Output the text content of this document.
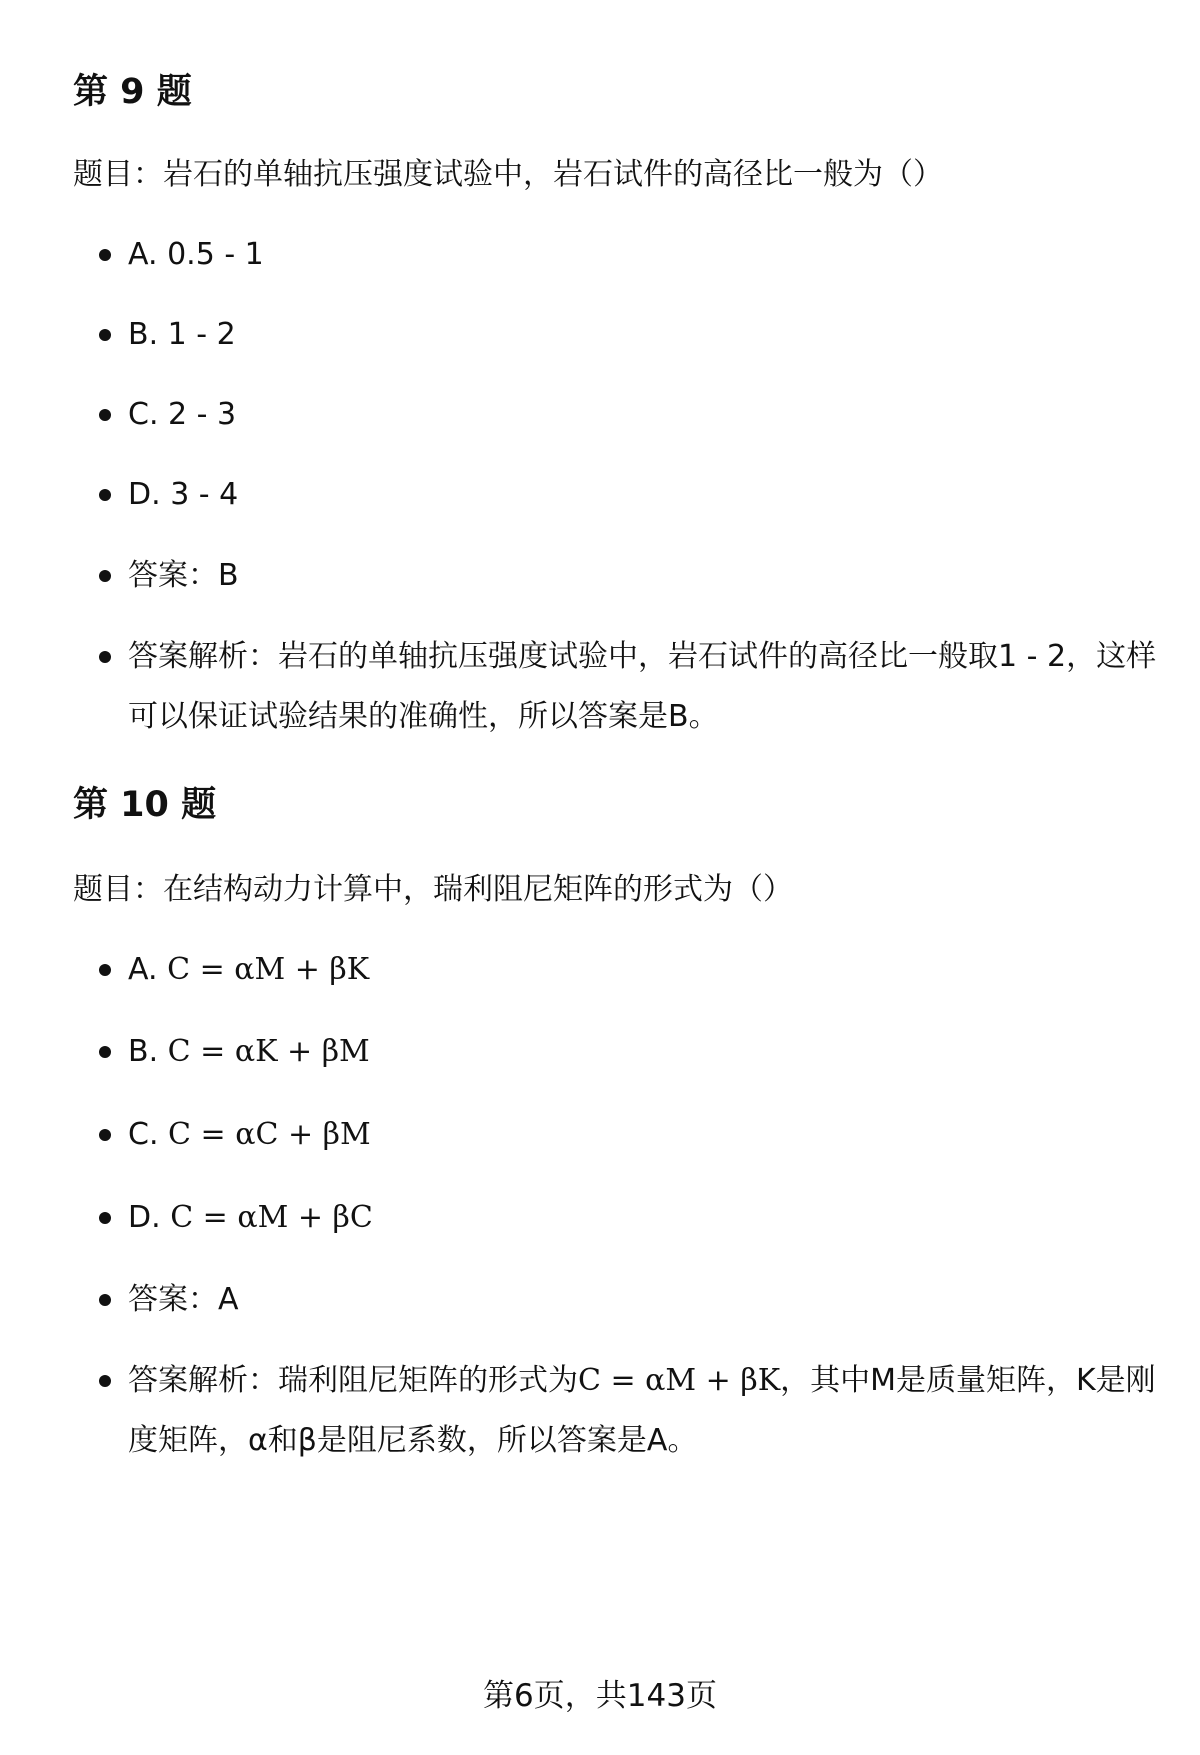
第 9 题

题目：岩石的单轴抗压强度试验中，岩石试件的高径比一般为（）

A. 0.5 - 1
B. 1 - 2
C. 2 - 3
D. 3 - 4
答案：B
答案解析：岩石的单轴抗压强度试验中，岩石试件的高径比一般取1 - 2，这样
可以保证试验结果的准确性，所以答案是B。
第 10 题

题目：在结构动力计算中，瑞利阻尼矩阵的形式为（）

A. C = αM + βK
B. C = αK + βM
C. C = αC + βM
D. C = αM + βC
答案：A
答案解析：瑞利阻尼矩阵的形式为C = αM + βK，其中M是质量矩阵，K是刚
度矩阵，α和β是阻尼系数，所以答案是A。
第6页，共143页
